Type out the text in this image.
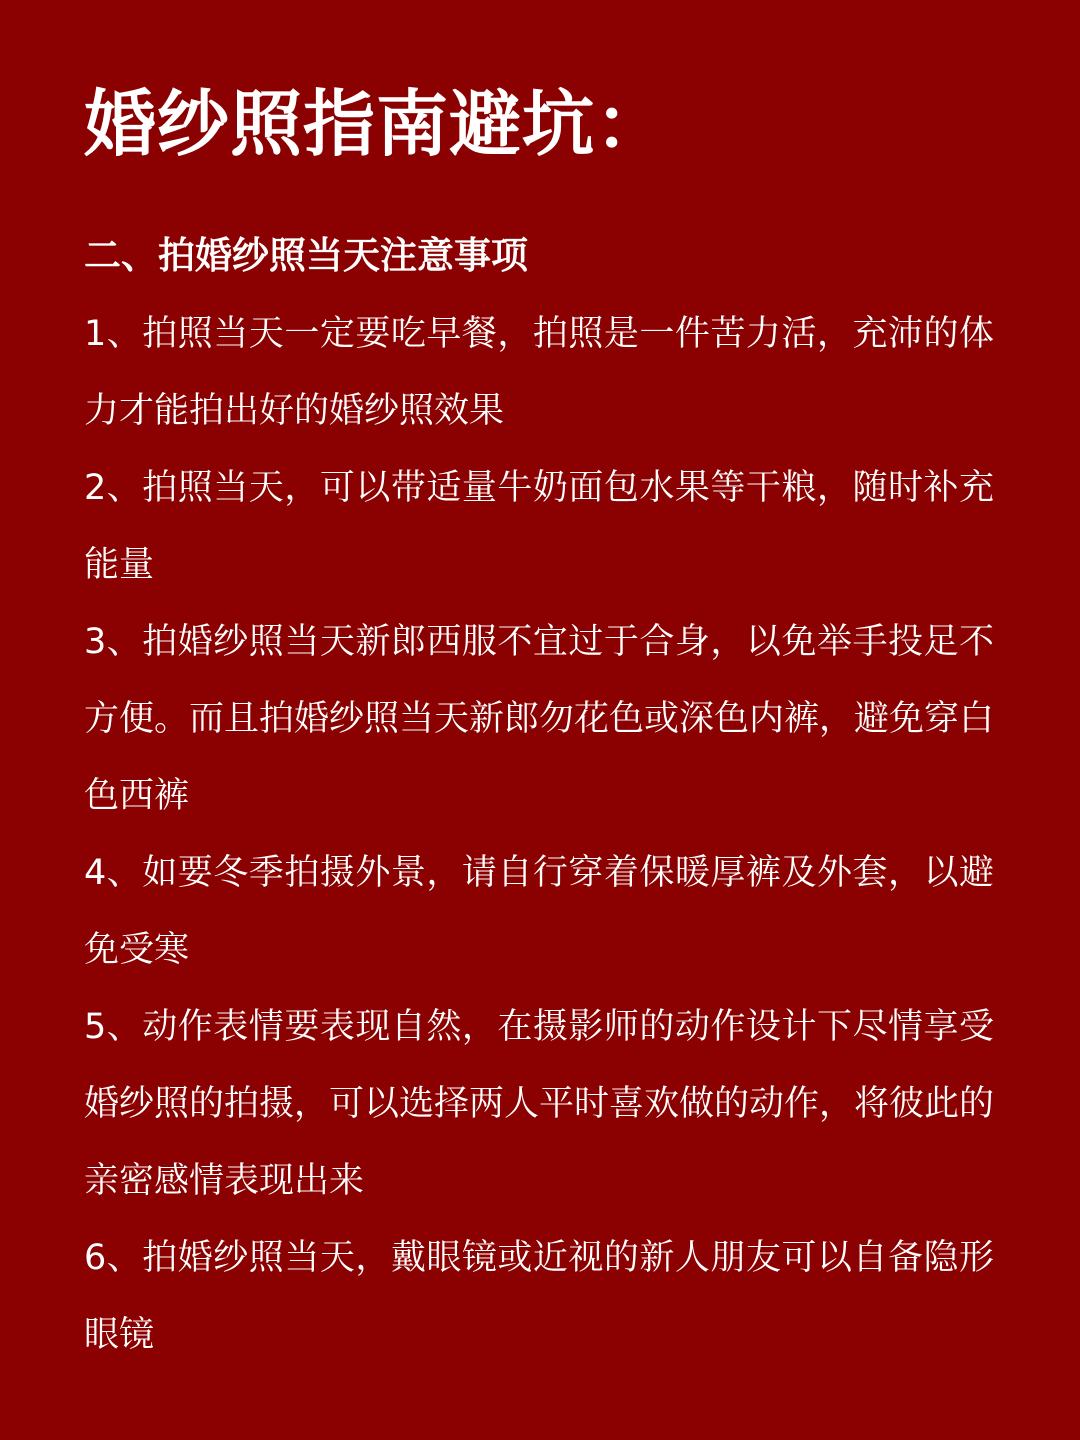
婚纱照指南避坑：
二、拍婚纱照当天注意事项
1、拍照当天一定要吃早餐，拍照是一件苦力活，充沛的体力才能拍出好的婚纱照效果
2、拍照当天，可以带适量牛奶面包水果等干粮，随时补充能量
3、拍婚纱照当天新郎西服不宜过于合身，以免举手投足不方便。而且拍婚纱照当天新郎勿花色或深色内裤，避免穿白色西裤
4、如要冬季拍摄外景，请自行穿着保暖厚裤及外套，以避免受寒
5、动作表情要表现自然，在摄影师的动作设计下尽情享受婚纱照的拍摄，可以选择两人平时喜欢做的动作，将彼此的亲密感情表现出来
6、拍婚纱照当天，戴眼镜或近视的新人朋友可以自备隐形眼镜
